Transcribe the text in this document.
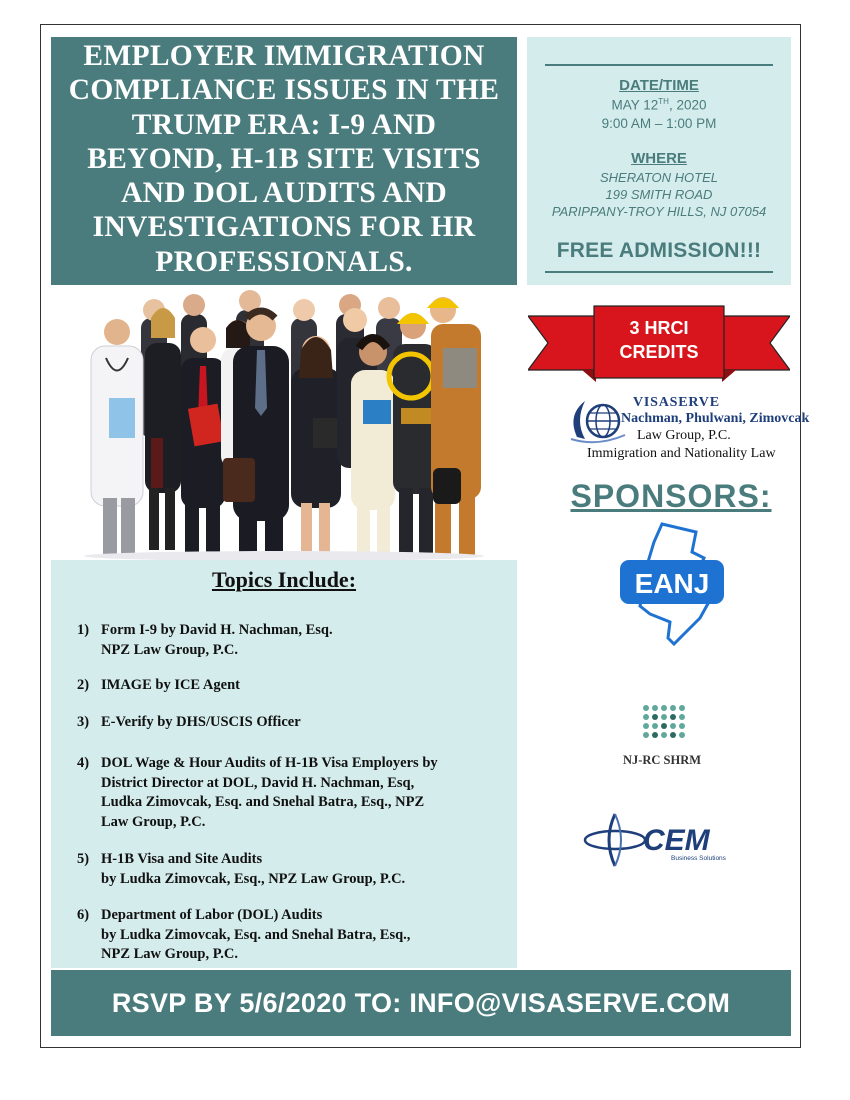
EMPLOYER IMMIGRATION
COMPLIANCE ISSUES IN THE
TRUMP ERA: I-9 AND
BEYOND, H-1B SITE VISITS
AND DOL AUDITS AND
INVESTIGATIONS FOR HR
PROFESSIONALS.
DATE/TIME
MAY 12TH, 2020
9:00 AM – 1:00 PM
WHERE
SHERATON HOTEL
199 SMITH ROAD
PARIPPANY-TROY HILLS, NJ 07054
FREE ADMISSION!!!
Topics Include:
1) Form I-9 by David H. Nachman, Esq.
NPZ Law Group, P.C.
2) IMAGE by ICE Agent
3) E-Verify by DHS/USCIS Officer
4) DOL Wage & Hour Audits of H-1B Visa Employers by
District Director at DOL, David H. Nachman, Esq,
Ludka Zimovcak, Esq. and Snehal Batra, Esq., NPZ
Law Group, P.C.
5) H-1B Visa and Site Audits
by Ludka Zimovcak, Esq., NPZ Law Group, P.C.
6) Department of Labor (DOL) Audits
by Ludka Zimovcak, Esq. and Snehal Batra, Esq.,
NPZ Law Group, P.C.
3 HRCI
CREDITS
VISASERVE
Nachman, Phulwani, Zimovcak
Law Group, P.C.
Immigration and Nationality Law
SPONSORS:
EANJ
NJ-RC SHRM
CEM
Business Solutions
RSVP BY 5/6/2020 TO: INFO@VISASERVE.COM
